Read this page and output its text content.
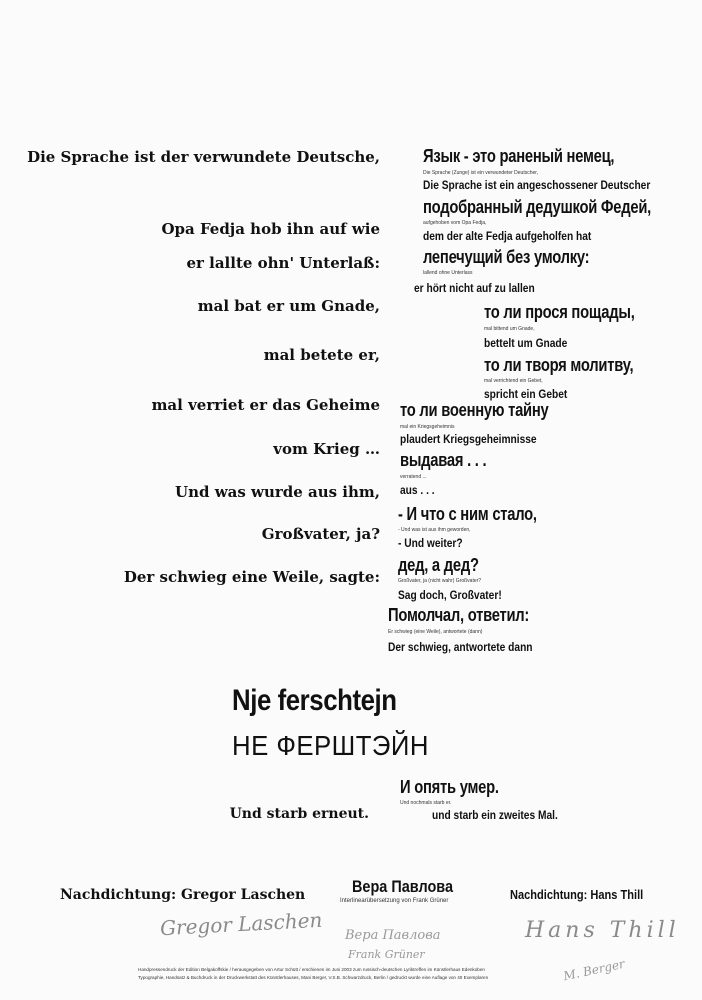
Die Sprache ist der verwundete Deutsche,
Opa Fedja hob ihn auf wie
er lallte ohn' Unterlaß:
mal bat er um Gnade,
mal betete er,
mal verriet er das Geheime
vom Krieg …
Und was wurde aus ihm,
Großvater, ja?
Der schwieg eine Weile, sagte:
Язык - это раненый немец,
Die Sprache (Zunge) ist ein verwundeter Deutscher,
Die Sprache ist ein angeschossener Deutscher
подобранный дедушкой Федей,
aufgehoben vom Opa Fedja,
dem der alte Fedja aufgeholfen hat
лепечущий без умолку:
lallend ohne Unterlass
er hört nicht auf zu lallen
то ли прося пощады,
mal bittend um Gnade,
bettelt um Gnade
то ли творя молитву,
mal verrichtend ein Gebet,
spricht ein Gebet
то ли военную тайну
mal ein Kriegsgeheimnis
plaudert Kriegsgeheimnisse
выдавая . . .
verratend ...
aus . . .
- И что с ним стало,
- Und was ist aus ihm geworden,
- Und weiter?
дед, а дед?
Großvater, ja (nicht wahr) Großvater?
Sag doch, Großvater!
Помолчал, ответил:
Er schwieg (eine Weile), antwortete (dann)
Der schwieg, antwortete dann
Nje ferschtejn
НЕ ФЕРШТЭЙН
И опять умер.
Und nochmals starb er.
und starb ein zweites Mal.
Und starb erneut.
Nachdichtung: Gregor Laschen	Вера Павлова
Interlinearübersetzung von Frank Grüner	Nachdichtung: Hans Thill
Gregor Laschen Вера Павлова
Frank Grüner
Hans Thill
M. Berger
Handpressendruck der Edition Belgakoffskie / herausgegeben von Artur Schütt / erschienen im Juni 2003 zum russisch-deutschen Lyriktreffen im Künstlerhaus Edenkoben
Typographie, Handsatz & Buchdruck in der Druckwerkstatt des Künstlerhauses, Mani Berger, V.S.B. Schwarzdruck, Berlin / gedruckt wurde eine Auflage von 40 Exemplaren
